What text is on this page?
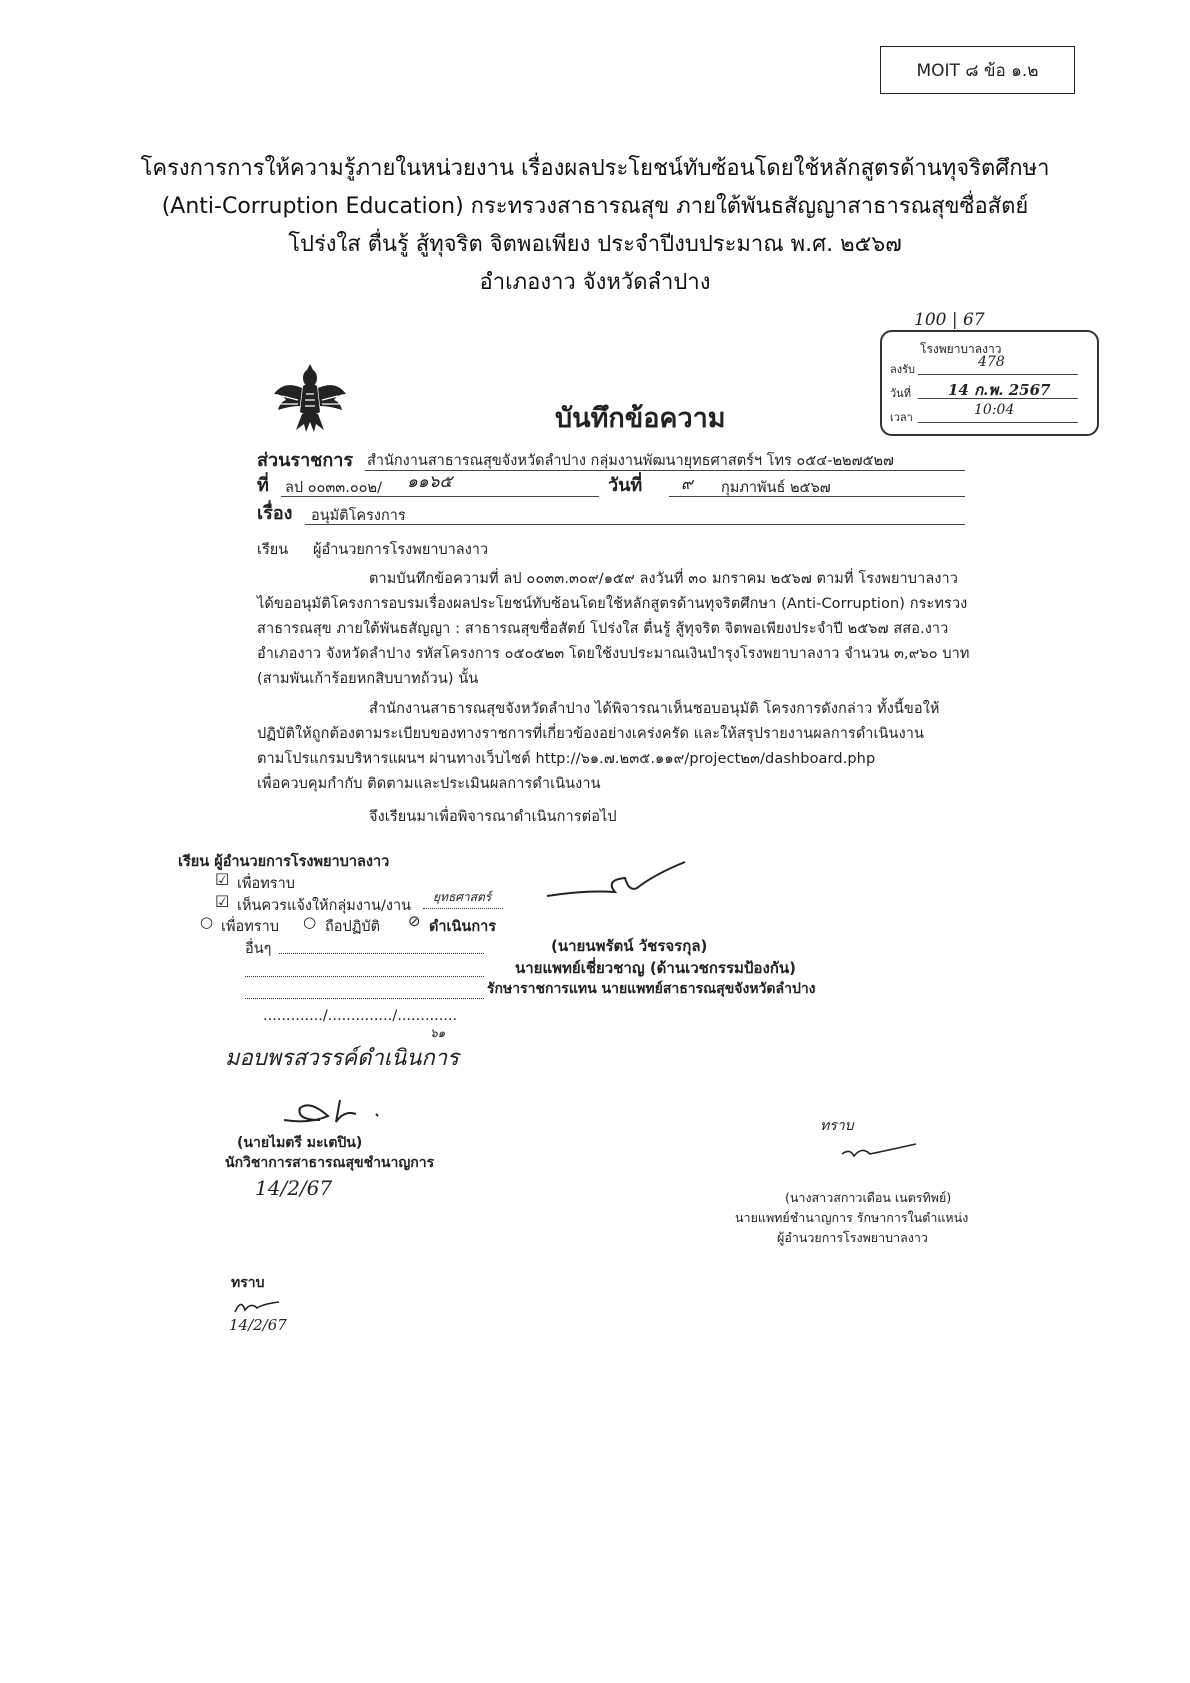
MOIT ๘ ข้อ ๑.๒
โครงการการให้ความรู้ภายในหน่วยงาน เรื่องผลประโยชน์ทับซ้อนโดยใช้หลักสูตรด้านทุจริตศึกษา
(Anti-Corruption Education) กระทรวงสาธารณสุข ภายใต้พันธสัญญาสาธารณสุขซื่อสัตย์
โปร่งใส ตื่นรู้ สู้ทุจริต จิตพอเพียง ประจำปีงบประมาณ พ.ศ. ๒๕๖๗
อำเภองาว จังหวัดลำปาง
บันทึกข้อความ
100 | 67
โรงพยาบาลงาว
ลงรับ	478
วันที่ 14 ก.พ. 2567
เวลา	10:04
ส่วนราชการ สำนักงานสาธารณสุขจังหวัดลำปาง กลุ่มงานพัฒนายุทธศาสตร์ฯ โทร ๐๕๔-๒๒๗๕๒๗
ที่ ลป ๐๐๓๓.๐๐๒/ ๑๑๖๕	วันที่ ๙ กุมภาพันธ์ ๒๕๖๗
เรื่อง อนุมัติโครงการ
เรียน ผู้อำนวยการโรงพยาบาลงาว
ตามบันทึกข้อความที่ ลป ๐๐๓๓.๓๐๙/๑๕๙ ลงวันที่ ๓๐ มกราคม ๒๕๖๗ ตามที่ โรงพยาบาลงาว
ได้ขออนุมัติโครงการอบรมเรื่องผลประโยชน์ทับซ้อนโดยใช้หลักสูตรด้านทุจริตศึกษา (Anti-Corruption) กระทรวง
สาธารณสุข ภายใต้พันธสัญญา : สาธารณสุขซื่อสัตย์ โปร่งใส ตื่นรู้ สู้ทุจริต จิตพอเพียงประจำปี ๒๕๖๗ สสอ.งาว
อำเภองาว จังหวัดลำปาง รหัสโครงการ ๐๕๐๕๒๓ โดยใช้งบประมาณเงินบำรุงโรงพยาบาลงาว จำนวน ๓,๙๖๐ บาท
(สามพันเก้าร้อยหกสิบบาทถ้วน) นั้น
สำนักงานสาธารณสุขจังหวัดลำปาง ได้พิจารณาเห็นชอบอนุมัติ โครงการดังกล่าว ทั้งนี้ขอให้
ปฏิบัติให้ถูกต้องตามระเบียบของทางราชการที่เกี่ยวข้องอย่างเคร่งครัด และให้สรุปรายงานผลการดำเนินงาน
ตามโปรแกรมบริหารแผนฯ ผ่านทางเว็บไซต์ http://๖๑.๗.๒๓๕.๑๑๙/project๒๓/dashboard.php
เพื่อควบคุมกำกับ ติดตามและประเมินผลการดำเนินงาน
จึงเรียนมาเพื่อพิจารณาดำเนินการต่อไป
เรียน ผู้อำนวยการโรงพยาบาลงาว
☑ เพื่อทราบ
☑ เห็นควรแจ้งให้กลุ่มงาน/งาน
ยุทธศาสตร์
○ เพื่อทราบ ○ ถือปฏิบัติ ⊘ ดำเนินการ
อื่นๆ
............./............../.............
๖๑
(นายนพรัตน์ วัชรจรกุล)
นายแพทย์เชี่ยวชาญ (ด้านเวชกรรมป้องกัน)
รักษาราชการแทน นายแพทย์สาธารณสุขจังหวัดลำปาง
มอบพรสวรรค์ดำเนินการ
(นายไมตรี มะเตปิน)
นักวิชาการสาธารณสุขชำนาญการ
14/2/67
ทราบ
(นางสาวสกาวเดือน เนตรทิพย์)
นายแพทย์ชำนาญการ รักษาการในตำแหน่ง
ผู้อำนวยการโรงพยาบาลงาว
ทราบ
14/2/67
